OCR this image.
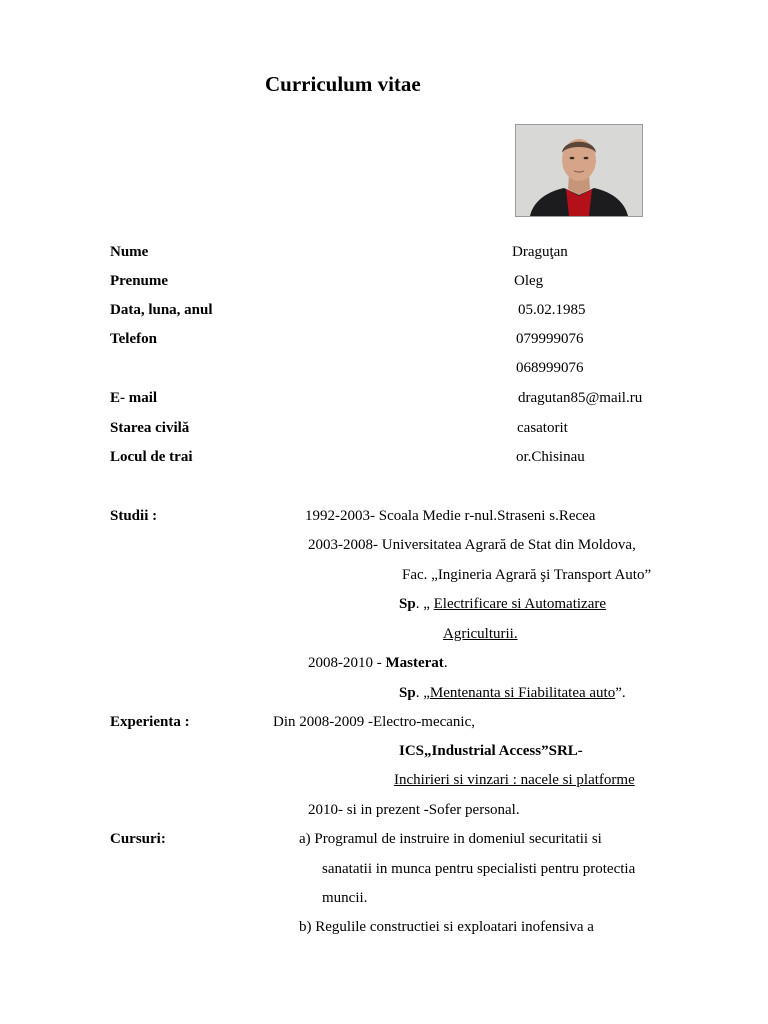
Curriculum vitae
Nume	Draguţan
Prenume	Oleg
Data, luna, anul	05.02.1985
Telefon	079999076
068999076
E- mail	dragutan85@mail.ru
Starea civilă	casatorit
Locul de trai	or.Chisinau
Studii :	1992-2003- Scoala Medie r-nul.Straseni s.Recea
2003-2008- Universitatea Agrară de Stat din Moldova,
Fac. „Ingineria Agrară şi Transport Auto”
Sp. „ Electrificare si Automatizare
Agriculturii.
2008-2010 - Masterat.
Sp. „Mentenanta si Fiabilitatea auto”.
Experienta :	Din 2008-2009 -Electro-mecanic,
ICS„Industrial Access”SRL-
Inchirieri si vinzari : nacele si platforme
2010- si in prezent -Sofer personal.
Cursuri:	a) Programul de instruire in domeniul securitatii si
sanatatii in munca pentru specialisti pentru protectia
muncii.
b) Regulile constructiei si exploatari inofensiva a
